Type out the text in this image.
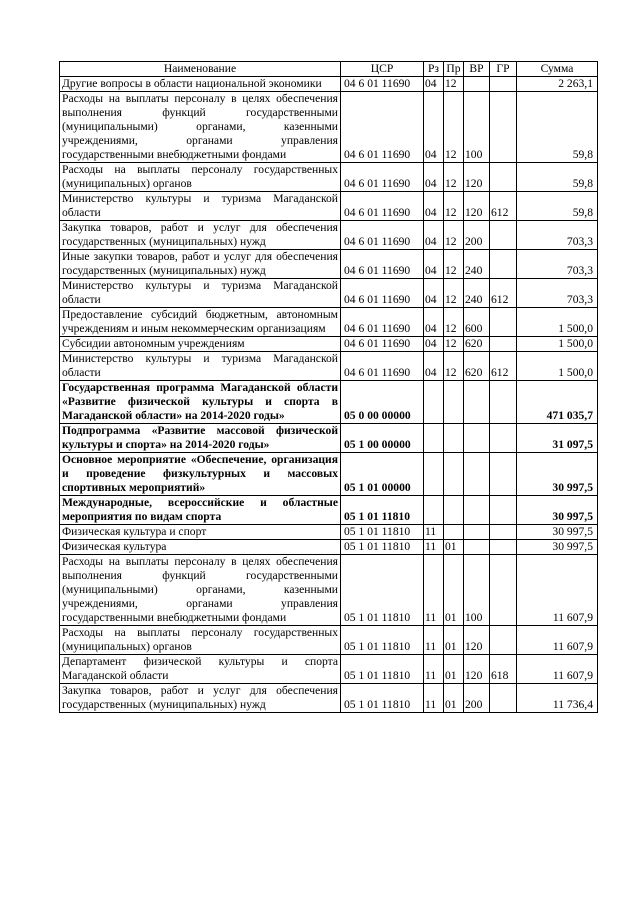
Наименование	ЦСР	Рз	Пр	ВР	ГР	Сумма
Другие вопросы в области национальной экономики	04 6 01 11690	04	12			2 263,1
Расходы на выплаты персоналу в целях обеспечения выполнения функций государственными (муниципальными) органами, казенными учреждениями, органами управления государственными внебюджетными фондами	04 6 01 11690	04	12	100		59,8
Расходы на выплаты персоналу государственных (муниципальных) органов	04 6 01 11690	04	12	120		59,8
Министерство культуры и туризма Магаданской области	04 6 01 11690	04	12	120	612	59,8
Закупка товаров, работ и услуг для обеспечения государственных (муниципальных) нужд	04 6 01 11690	04	12	200		703,3
Иные закупки товаров, работ и услуг для обеспечения государственных (муниципальных) нужд	04 6 01 11690	04	12	240		703,3
Министерство культуры и туризма Магаданской области	04 6 01 11690	04	12	240	612	703,3
Предоставление субсидий бюджетным, автономным учреждениям и иным некоммерческим организациям	04 6 01 11690	04	12	600		1 500,0
Субсидии автономным учреждениям	04 6 01 11690	04	12	620		1 500,0
Министерство культуры и туризма Магаданской области	04 6 01 11690	04	12	620	612	1 500,0
Государственная программа Магаданской области «Развитие физической культуры и спорта в Магаданской области» на 2014-2020 годы»	05 0 00 00000					471 035,7
Подпрограмма «Развитие массовой физической культуры и спорта» на 2014-2020 годы»	05 1 00 00000					31 097,5
Основное мероприятие «Обеспечение, организация и проведение физкультурных и массовых спортивных мероприятий»	05 1 01 00000					30 997,5
Международные, всероссийские и областные мероприятия по видам спорта	05 1 01 11810					30 997,5
Физическая культура и спорт	05 1 01 11810	11				30 997,5
Физическая культура	05 1 01 11810	11	01			30 997,5
Расходы на выплаты персоналу в целях обеспечения выполнения функций государственными (муниципальными) органами, казенными учреждениями, органами управления государственными внебюджетными фондами	05 1 01 11810	11	01	100		11 607,9
Расходы на выплаты персоналу государственных (муниципальных) органов	05 1 01 11810	11	01	120		11 607,9
Департамент физической культуры и спорта Магаданской области	05 1 01 11810	11	01	120	618	11 607,9
Закупка товаров, работ и услуг для обеспечения государственных (муниципальных) нужд	05 1 01 11810	11	01	200		11 736,4
